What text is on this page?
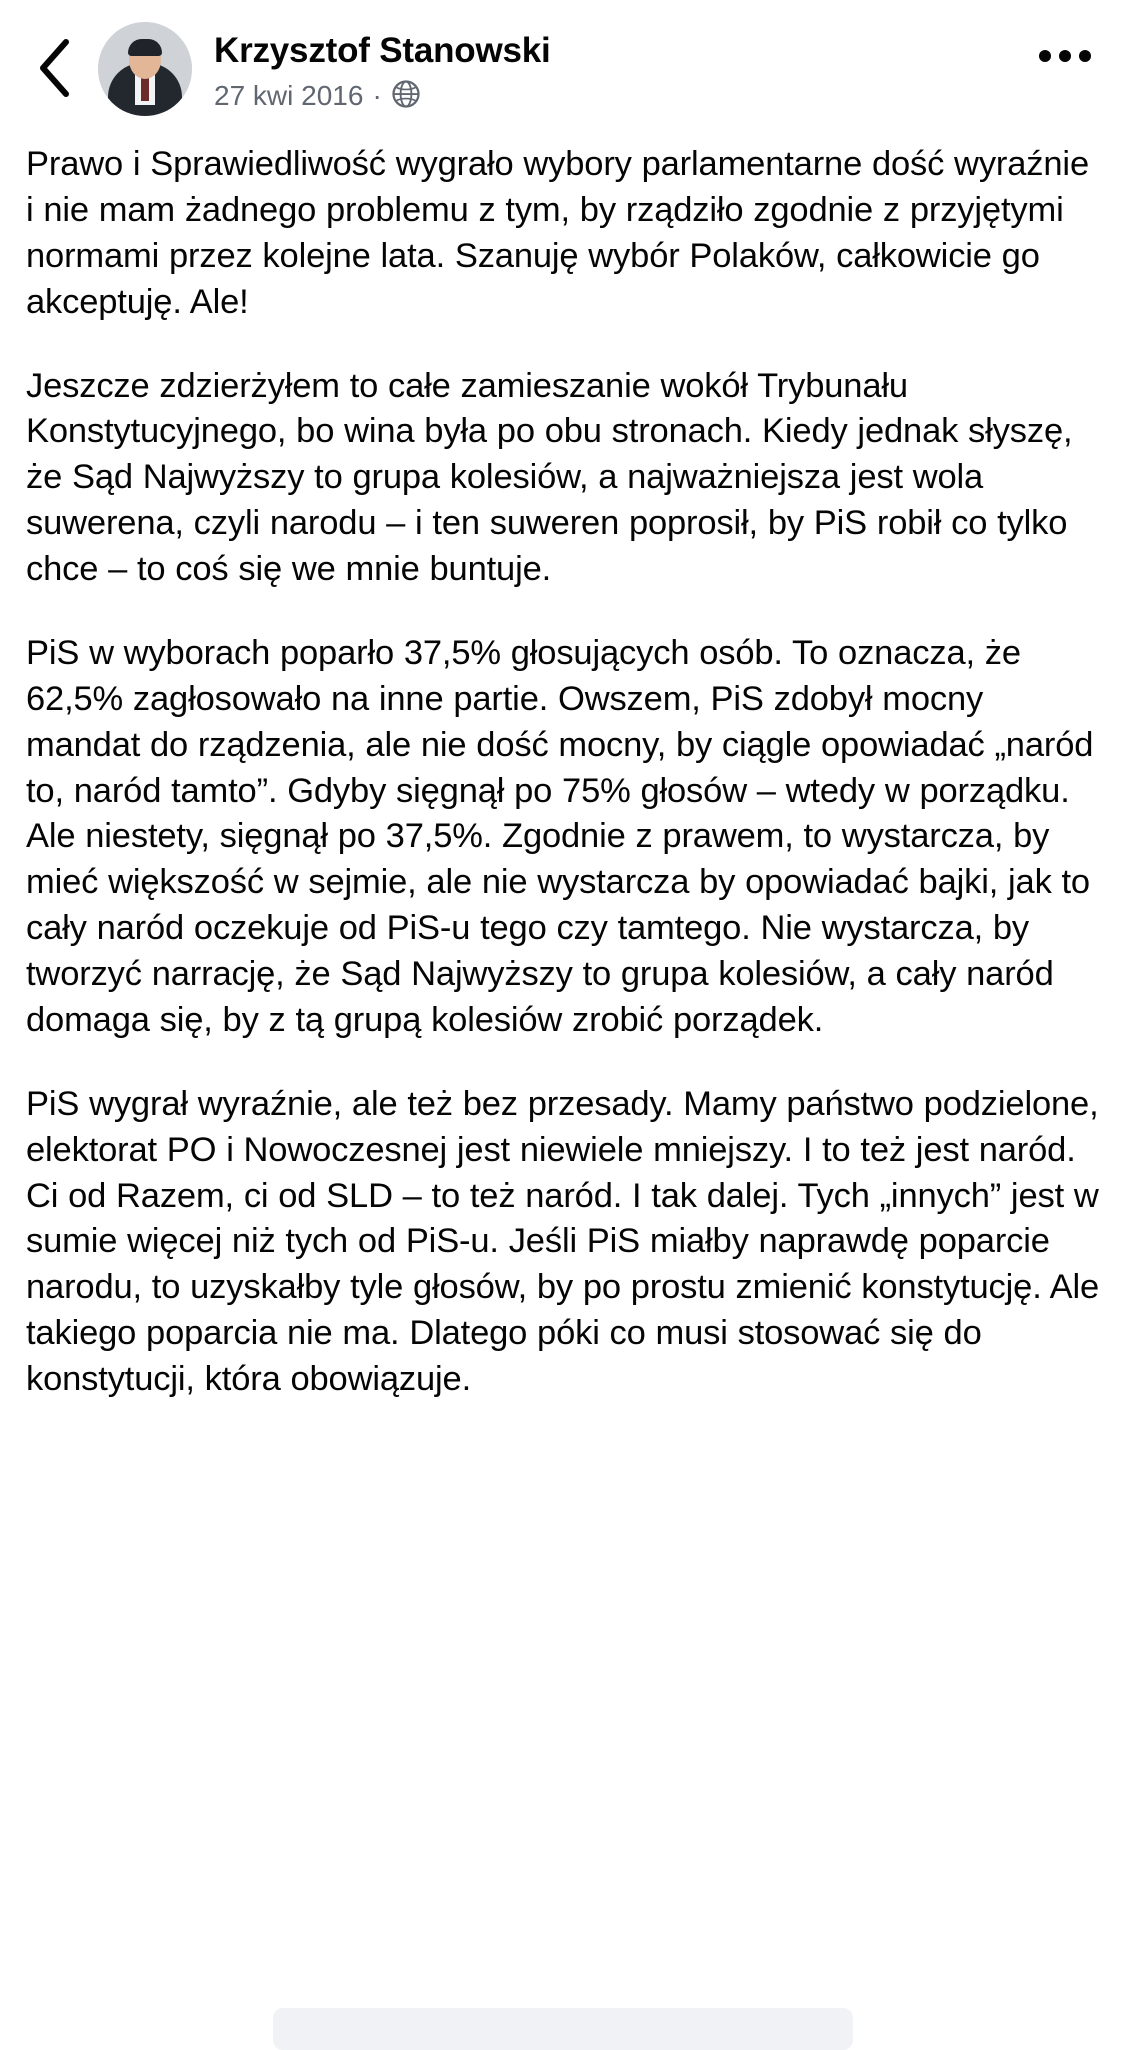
Krzysztof Stanowski
27 kwi 2016 ·

Prawo i Sprawiedliwość wygrało wybory parlamentarne dość wyraźnie i nie mam żadnego problemu z tym, by rządziło zgodnie z przyjętymi normami przez kolejne lata. Szanuję wybór Polaków, całkowicie go akceptuję. Ale!

Jeszcze zdzierżyłem to całe zamieszanie wokół Trybunału Konstytucyjnego, bo wina była po obu stronach. Kiedy jednak słyszę, że Sąd Najwyższy to grupa kolesiów, a najważniejsza jest wola suwerena, czyli narodu – i ten suweren poprosił, by PiS robił co tylko chce – to coś się we mnie buntuje.

PiS w wyborach poparło 37,5% głosujących osób. To oznacza, że 62,5% zagłosowało na inne partie. Owszem, PiS zdobył mocny mandat do rządzenia, ale nie dość mocny, by ciągle opowiadać „naród to, naród tamto”. Gdyby sięgnął po 75% głosów – wtedy w porządku. Ale niestety, sięgnął po 37,5%. Zgodnie z prawem, to wystarcza, by mieć większość w sejmie, ale nie wystarcza by opowiadać bajki, jak to cały naród oczekuje od PiS-u tego czy tamtego. Nie wystarcza, by tworzyć narrację, że Sąd Najwyższy to grupa kolesiów, a cały naród domaga się, by z tą grupą kolesiów zrobić porządek.

PiS wygrał wyraźnie, ale też bez przesady. Mamy państwo podzielone, elektorat PO i Nowoczesnej jest niewiele mniejszy. I to też jest naród. Ci od Razem, ci od SLD – to też naród. I tak dalej. Tych „innych” jest w sumie więcej niż tych od PiS-u. Jeśli PiS miałby naprawdę poparcie narodu, to uzyskałby tyle głosów, by po prostu zmienić konstytucję. Ale takiego poparcia nie ma. Dlatego póki co musi stosować się do konstytucji, która obowiązuje.
